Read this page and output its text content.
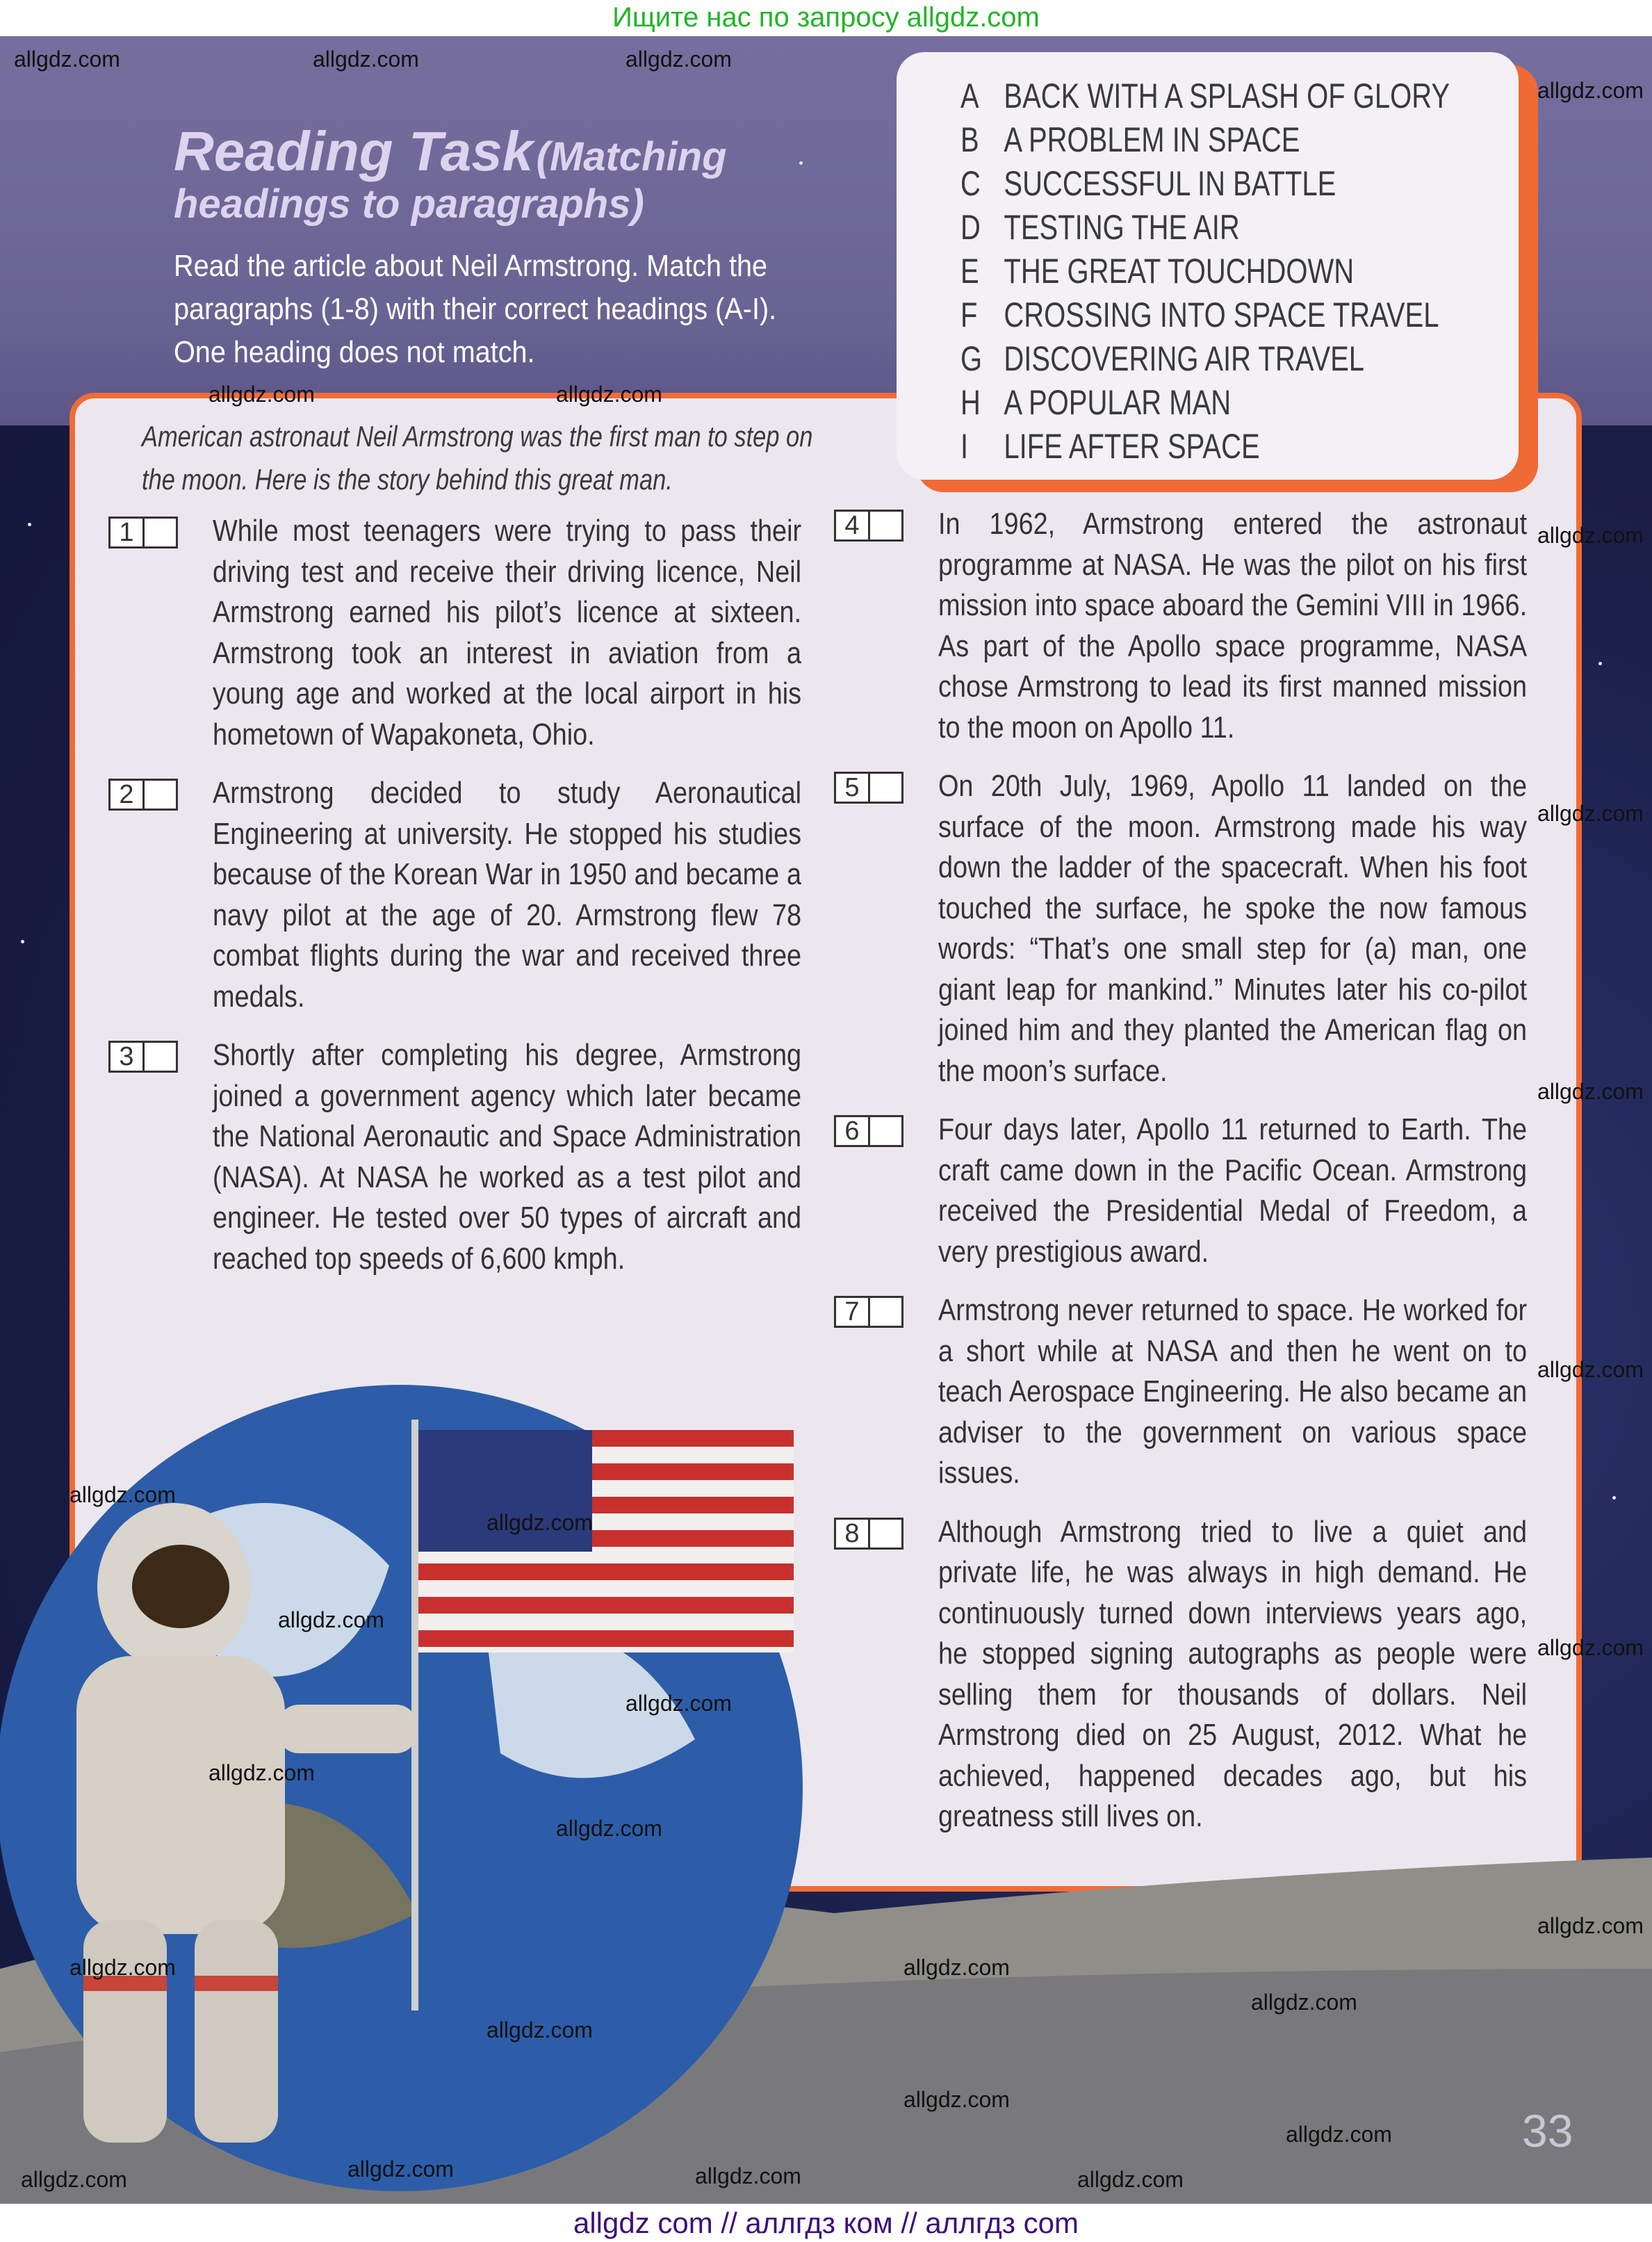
Ищите нас по запросу allgdz.com
Reading Task (Matching
headings to paragraphs)
Read the article about Neil Armstrong. Match the
paragraphs (1-8) with their correct headings (A-I).
One heading does not match.
A BACK WITH A SPLASH OF GLORY
B A PROBLEM IN SPACE
C SUCCESSFUL IN BATTLE
D TESTING THE AIR
E THE GREAT TOUCHDOWN
F CROSSING INTO SPACE TRAVEL
G DISCOVERING AIR TRAVEL
H A POPULAR MAN
I LIFE AFTER SPACE
American astronaut Neil Armstrong was the first man to step on the moon. Here is the story behind this great man.
1	While most teenagers were trying to pass their driving test and receive their driving licence, Neil Armstrong earned his pilot’s licence at sixteen. Armstrong took an interest in aviation from a young age and worked at the local airport in his hometown of Wapakoneta, Ohio.
2	Armstrong decided to study Aeronautical Engineering at university. He stopped his studies because of the Korean War in 1950 and became a navy pilot at the age of 20. Armstrong flew 78 combat flights during the war and received three medals.
3	Shortly after completing his degree, Armstrong joined a government agency which later became the National Aeronautic and Space Administration (NASA). At NASA he worked as a test pilot and engineer. He tested over 50 types of aircraft and reached top speeds of 6,600 kmph.
4	In 1962, Armstrong entered the astronaut programme at NASA. He was the pilot on his first mission into space aboard the Gemini VIII in 1966. As part of the Apollo space programme, NASA chose Armstrong to lead its first manned mission to the moon on Apollo 11.
5	On 20th July, 1969, Apollo 11 landed on the surface of the moon. Armstrong made his way down the ladder of the spacecraft. When his foot touched the surface, he spoke the now famous words: “That’s one small step for (a) man, one giant leap for mankind.” Minutes later his co-pilot joined him and they planted the American flag on the moon’s surface.
6	Four days later, Apollo 11 returned to Earth. The craft came down in the Pacific Ocean. Armstrong received the Presidential Medal of Freedom, a very prestigious award.
7	Armstrong never returned to space. He worked for a short while at NASA and then he went on to teach Aerospace Engineering. He also became an adviser to the government on various space issues.
8	Although Armstrong tried to live a quiet and private life, he was always in high demand. He continuously turned down interviews years ago, he stopped signing autographs as people were selling them for thousands of dollars. Neil Armstrong died on 25 August, 2012. What he achieved, happened decades ago, but his greatness still lives on.
33
allgdz.com	allgdz.com	allgdz.com
allgdz.com
allgdz.com
allgdz.com
allgdz.com
allgdz.com
allgdz.com
allgdz.com	allgdz.com
allgdz.com
allgdz.com
allgdz.com
allgdz.com
allgdz.com
allgdz.com
allgdz.com
allgdz.com
allgdz.com
allgdz.com
allgdz.com
allgdz.com
allgdz.com	allgdz.com	allgdz.com
allgdz.com
allgdz.com
allgdz com // аллгдз ком // аллгдз com
